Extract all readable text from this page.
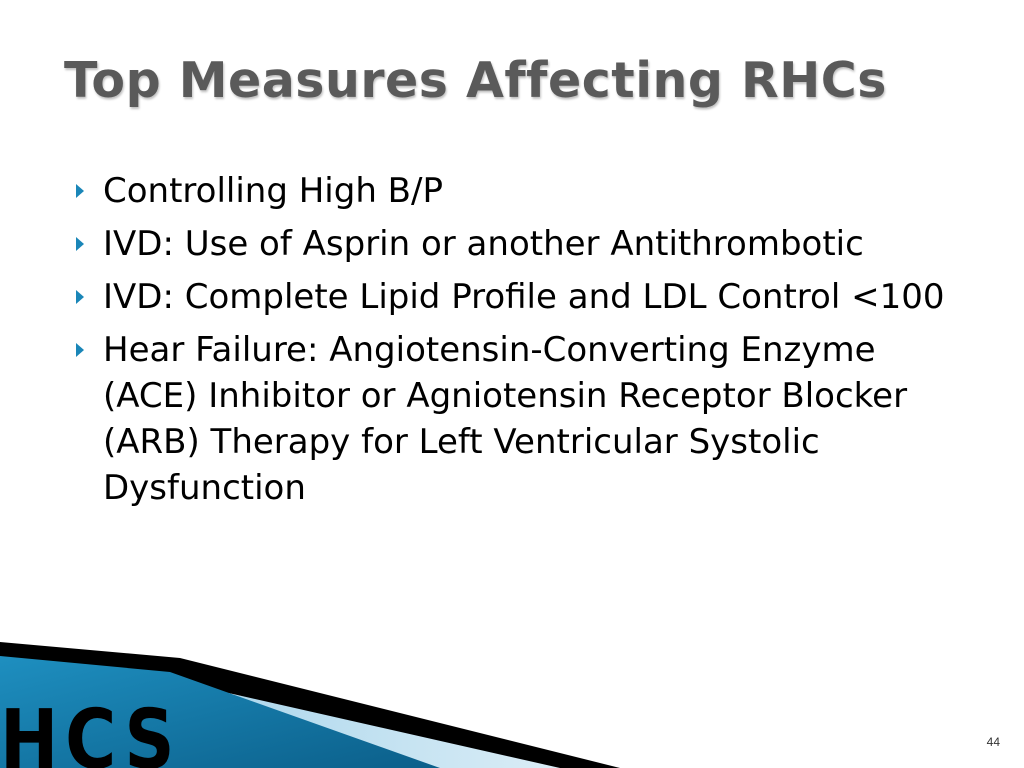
Top Measures Affecting RHCs
Controlling High B/P
IVD: Use of Asprin or another Antithrombotic
IVD: Complete Lipid Profile and LDL Control <100
Hear Failure: Angiotensin-Converting Enzyme (ACE) Inhibitor or Agniotensin Receptor Blocker (ARB) Therapy for Left Ventricular Systolic Dysfunction
HCS	44
